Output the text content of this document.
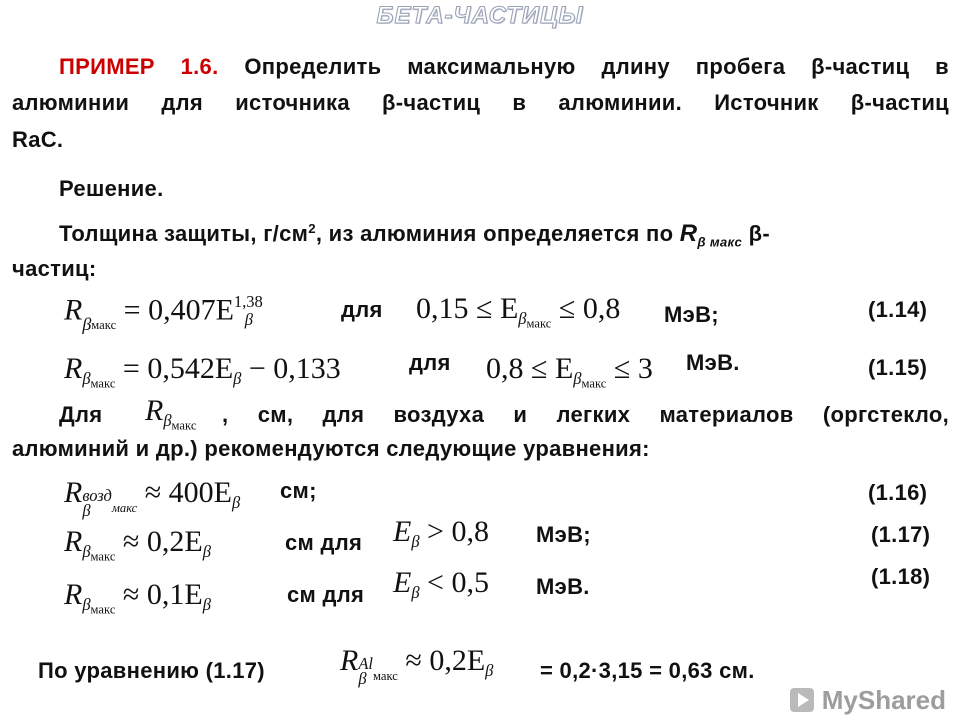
БЕТА-ЧАСТИЦЫ
ПРИМЕР 1.6. Определить максимальную длину пробега β-частиц в
алюминии для источника β-частиц в алюминии. Источник β-частиц
RaC.
Решение.
Толщина защиты, $г/см^2$, из алюминия определяется по $R_{\beta макс}$ β-
частиц:
R β $_{макс} = 0,407E^{1,38}_\beta$	для $0,15 \le E_{\beta макс} \le 0,8$ МэВ;	(1.14)
$R_{\beta макс} = 0,542E_\beta - 0,133$	для $0,8 \le E_{\beta макс} \le 3$ МэВ.	(1.15)
Для $R_{\beta макс}$ , см, для воздуха и легких материалов (оргстекло,
алюминий и др.) рекомендуются следующие уравнения:
R возд
β	$_{макс} \approx 400E_\beta$ см;	(1.16)
$R_{\beta макс} \approx 0,2E_\beta$	см для $E_\beta > 0,8$ МэВ;	(1.17)
$R_{\beta макс} \approx 0,1E_\beta$	см для $E_\beta < 0,5$ МэВ.	(1.18)
По уравнению (1.17)	R Al
β $_{макс} \approx 0,2E_\beta = 0,2\cdot 3,15 = 0,63$ см.
MyShared
